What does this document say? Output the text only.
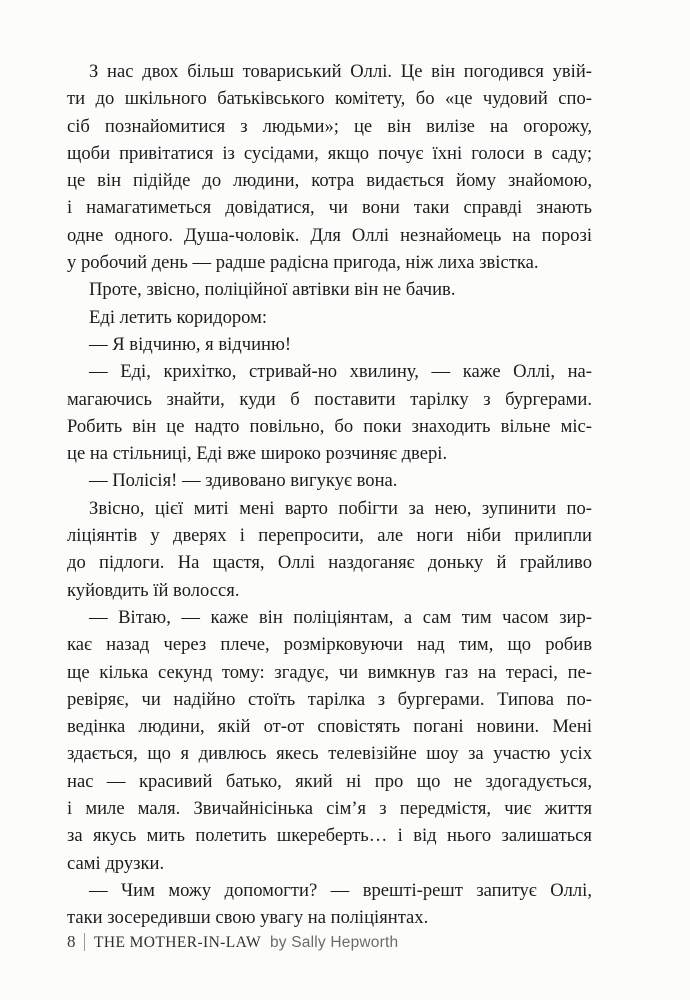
З нас двох більш товариський Оллі. Це він погодився увій-
ти до шкільного батьківського комітету, бо «це чудовий спо-
сіб познайомитися з людьми»; це він вилізе на огорожу,
щоби привітатися із сусідами, якщо почує їхні голоси в саду;
це він підійде до людини, котра видається йому знайомою,
і намагатиметься довідатися, чи вони таки справді знають
одне одного. Душа-чоловік. Для Оллі незнайомець на порозі
у робочий день — радше радісна пригода, ніж лиха звістка.
Проте, звісно, поліційної автівки він не бачив.
Еді летить коридором:
— Я відчиню, я відчиню!
— Еді, крихітко, стривай-но хвилину, — каже Оллі, на-
магаючись знайти, куди б поставити тарілку з бургерами.
Робить він це надто повільно, бо поки знаходить вільне міс-
це на стільниці, Еді вже широко розчиняє двері.
— Полісія! — здивовано вигукує вона.
Звісно, цієї миті мені варто побігти за нею, зупинити по-
ліціянтів у дверях і перепросити, але ноги ніби прилипли
до підлоги. На щастя, Оллі наздоганяє доньку й грайливо
куйовдить їй волосся.
— Вітаю, — каже він поліціянтам, а сам тим часом зир-
кає назад через плече, розмірковуючи над тим, що робив
ще кілька секунд тому: згадує, чи вимкнув газ на терасі, пе-
ревіряє, чи надійно стоїть тарілка з бургерами. Типова по-
ведінка людини, якій от-от сповістять погані новини. Мені
здається, що я дивлюсь якесь телевізійне шоу за участю усіх
нас — красивий батько, який ні про що не здогадується,
і миле маля. Звичайнісінька сім’я з передмістя, чиє життя
за якусь мить полетить шкереберть… і від нього залишаться
самі друзки.
— Чим можу допомогти? — врешті-решт запитує Оллі,
таки зосередивши свою увагу на поліціянтах.
8 THE MOTHER-IN-LAW by Sally Hepworth
